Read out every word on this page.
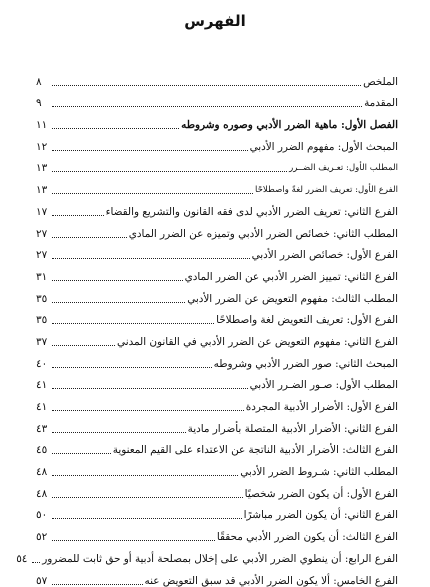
الفهرس
الملخص
٨
المقدمة
٩
الفصل الأول: ماهية الضرر الأدبي وصوره وشروطه
١١
المبحث الأول: مفهوم الضرر الأدبي
١٢
المطلب الأول: تعـريف الضــرر
١٣
الفرع الأول: تعريف الضرر لغةً واصطلاحًا
١٣
الفرع الثاني: تعريف الضرر الأدبي لدى فقه القانون والتشريع والقضاء
١٧
المطلب الثاني: خصائص الضرر الأدبي وتميزه عن الضرر المادي
٢٧
الفرع الأول: خصائص الضرر الأدبي
٢٧
الفرع الثاني: تمييز الضرر الأدبي عن الضرر المادي
٣١
المطلب الثالث: مفهوم التعويض عن الضرر الأدبي
٣٥
الفرع الأول: تعريف التعويض لغة واصطلاحًا
٣٥
الفرع الثاني: مفهوم التعويض عن الضرر الأدبي في القانون المدني
٣٧
المبحث الثاني: صور الضرر الأدبي وشروطه
٤٠
المطلب الأول: صـور الضـرر الأدبي
٤١
الفرع الأول: الأضرار الأدبية المجردة
٤١
الفرع الثاني: الأضرار الأدبية المتصلة بأضرار مادية
٤٣
الفرع الثالث: الأضرار الأدبية الناتجة عن الاعتداء على القيم المعنوية
٤٥
المطلب الثاني: شـروط الضرر الأدبي
٤٨
الفرع الأول: أن يكون الضرر شخصيًا
٤٨
الفرع الثاني: أن يكون الضرر مباشرًا
٥٠
الفرع الثالث: أن يكون الضرر الأدبي محققًا
٥٢
الفرع الرابع: أن ينطوي الضرر الأدبي على إخلال بمصلحة أدبية أو حق ثابت للمضرور
٥٤
الفرع الخامس: ألا يكون الضرر الأدبي قد سبق التعويض عنه
٥٧
